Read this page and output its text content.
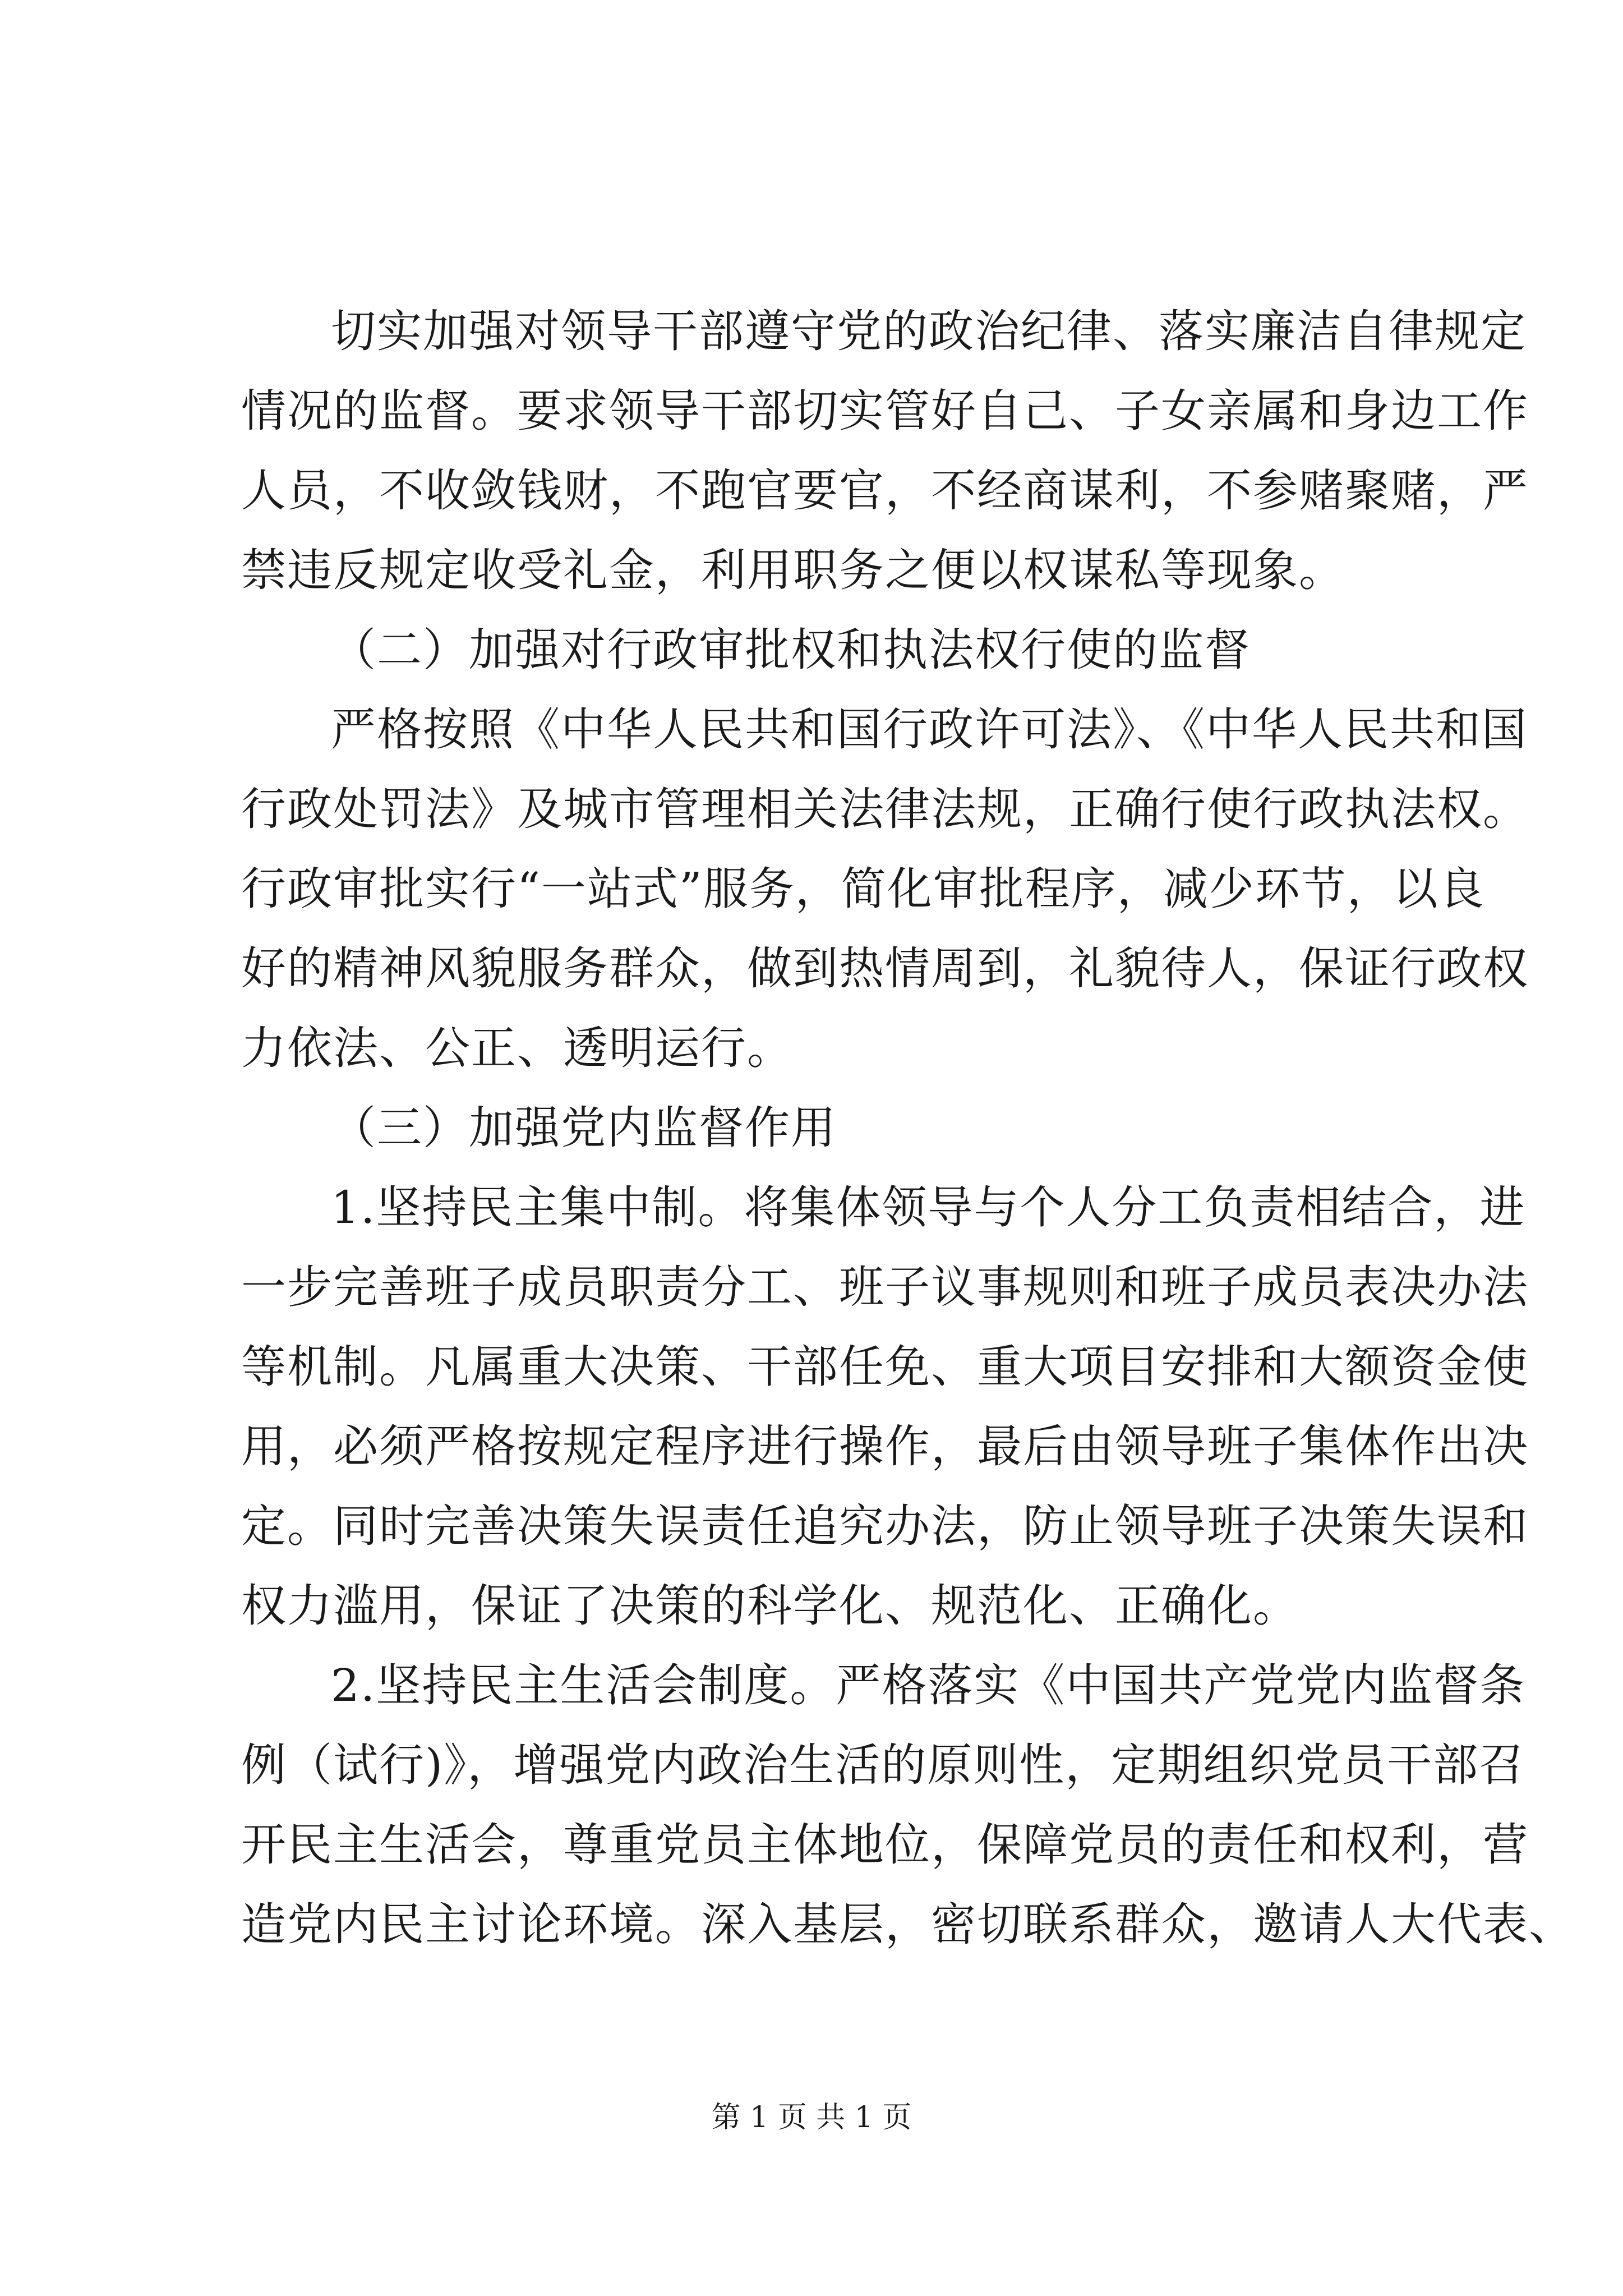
切实加强对领导干部遵守党的政治纪律、落实廉洁自律规定
情况的监督。要求领导干部切实管好自己、子女亲属和身边工作
人员，不收敛钱财，不跑官要官，不经商谋利，不参赌聚赌，严
禁违反规定收受礼金，利用职务之便以权谋私等现象。
（二）加强对行政审批权和执法权行使的监督
严格按照《中华人民共和国行政许可法》、《中华人民共和国
行政处罚法》及城市管理相关法律法规，正确行使行政执法权。
行政审批实行“一站式”服务，简化审批程序，减少环节，以良
好的精神风貌服务群众，做到热情周到，礼貌待人，保证行政权
力依法、公正、透明运行。
（三）加强党内监督作用
1.坚持民主集中制。将集体领导与个人分工负责相结合，进
一步完善班子成员职责分工、班子议事规则和班子成员表决办法
等机制。凡属重大决策、干部任免、重大项目安排和大额资金使
用，必须严格按规定程序进行操作，最后由领导班子集体作出决
定。同时完善决策失误责任追究办法，防止领导班子决策失误和
权力滥用，保证了决策的科学化、规范化、正确化。
2.坚持民主生活会制度。严格落实《中国共产党党内监督条
例（试行)》，增强党内政治生活的原则性，定期组织党员干部召
开民主生活会，尊重党员主体地位，保障党员的责任和权利，营
造党内民主讨论环境。深入基层，密切联系群众，邀请人大代表、
第 1 页 共 1 页
